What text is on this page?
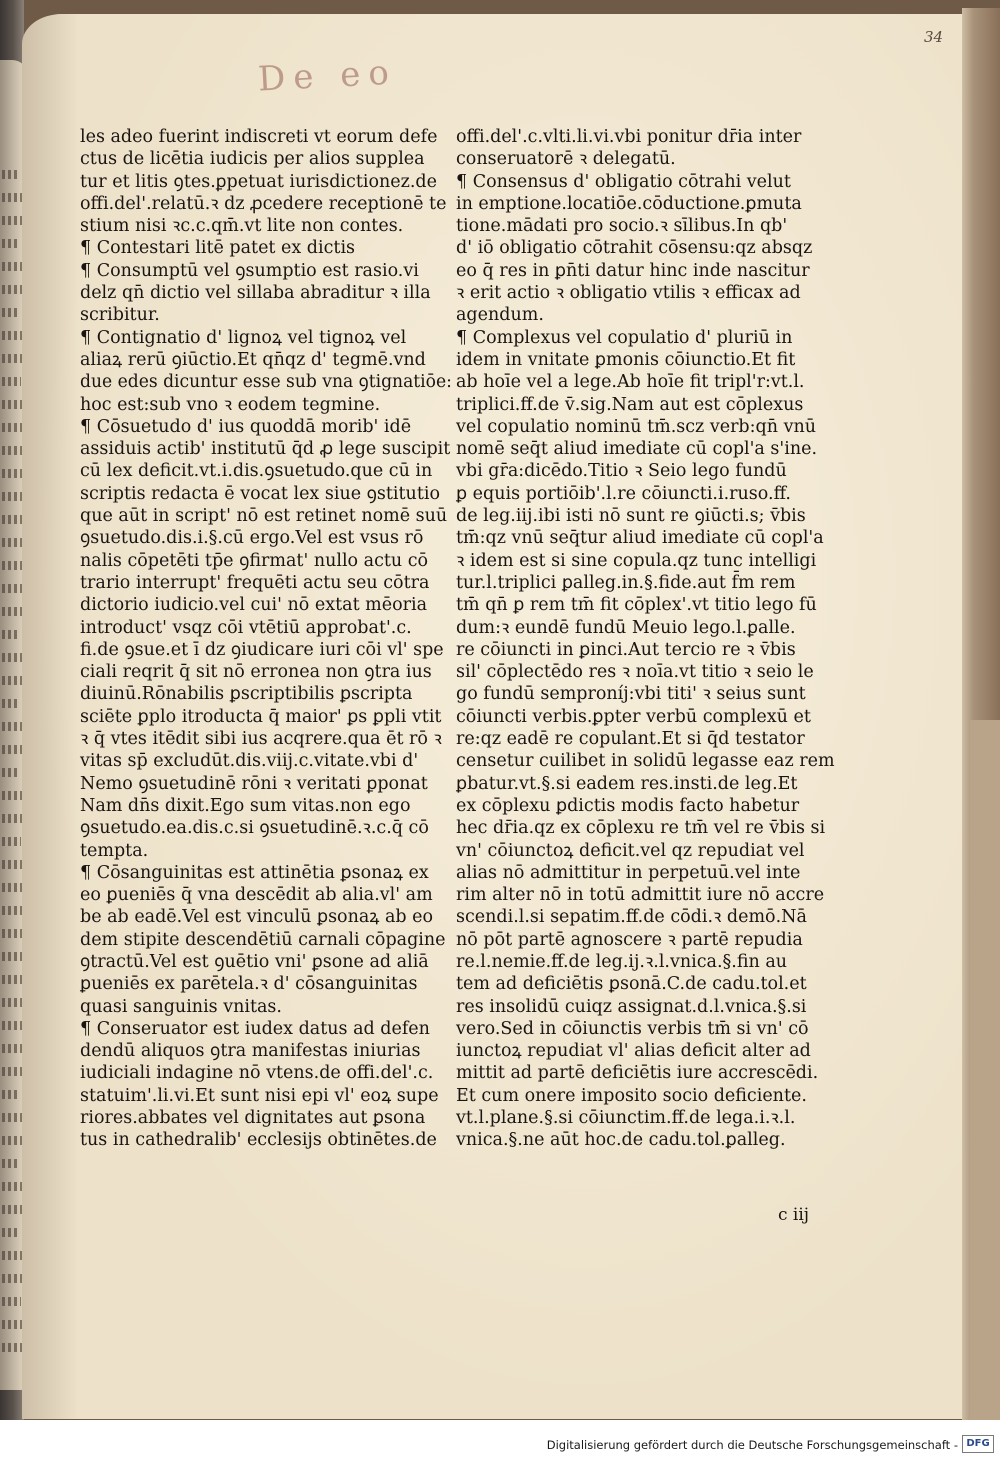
34
De eo
les adeo fuerint indiscreti vt eorum defe
ctus de licētia iudicis per alios supplea
tur et litis ꝯtes.ꝑpetuat iurisdictionez.de
offi.del'.relatū.ꝛ dz ꝓcedere receptionē te
stium nisi ꝛc.c.qm̄.vt lite non contes.
¶ Contestari litē patet ex dictis
¶ Consumptū vel ꝯsumptio est rasio.vi
delz qn̄ dictio vel sillaba abraditur ꝛ illa
scribitur.
¶ Contignatio d' lignoꝝ vel tignoꝝ vel
aliaꝝ rerū ꝯiūctio.Et qn̄qz d' tegmē.vnd
due edes dicuntur esse sub vna ꝯtignatiōe:
hoc est:sub vno ꝛ eodem tegmine.
¶ Cōsuetudo d' ius quoddā morib' idē
assiduis actib' institutū q̄d ꝓ lege suscipit
cū lex deficit.vt.i.dis.ꝯsuetudo.que cū in
scriptis redacta ē vocat lex siue ꝯstitutio
que aūt in script' nō est retinet nomē suū
ꝯsuetudo.dis.i.§.cū ergo.Vel est vsus rō
nalis cōpetēti tp̄e ꝯfirmat' nullo actu cō
trario interrupt' frequēti actu seu cōtra
dictorio iudicio.vel cui' nō extat mēoria
introduct' vsqz cōi vtētiū approbat'.c.
fi.de ꝯsue.et ī dz ꝯiudicare iuri cōi vl' spe
ciali reqrit q̄ sit nō erronea non ꝯtra ius
diuinū.Rōnabilis ꝑscriptibilis ꝑscripta
sciēte ꝑplo itroducta q̄ maior' ꝑs ꝑpli vtit
ꝛ q̄ vtes itēdit sibi ius acqrere.qua ēt rō ꝛ
vitas sp̄ excludūt.dis.viij.c.vitate.vbi d'
Nemo ꝯsuetudinē rōni ꝛ veritati ꝑponat
Nam dn̄s dixit.Ego sum vitas.non ego
ꝯsuetudo.ea.dis.c.si ꝯsuetudinē.ꝛ.c.q̄ cō
tempta.
¶ Cōsanguinitas est attinētia ꝑsonaꝝ ex
eo ꝑueniēs q̄ vna descēdit ab alia.vl' am
be ab eadē.Vel est vinculū ꝑsonaꝝ ab eo
dem stipite descendētiū carnali cōpagine
ꝯtractū.Vel est ꝯuētio vni' ꝑsone ad aliā
ꝑueniēs ex parētela.ꝛ d' cōsanguinitas
quasi sanguinis vnitas.
¶ Conseruator est iudex datus ad defen
dendū aliquos ꝯtra manifestas iniurias
iudiciali indagine nō vtens.de offi.del'.c.
statuim'.li.vi.Et sunt nisi epi vl' eoꝝ supe
riores.abbates vel dignitates aut ꝑsona
tus in cathedralib' ecclesijs obtinētes.de
offi.del'.c.vlti.li.vi.vbi ponitur dr̄ia inter
conseruatorē ꝛ delegatū.
¶ Consensus d' obligatio cōtrahi velut
in emptione.locatiōe.cōductione.ꝑmuta
tione.mādati pro socio.ꝛ sīlibus.In qb'
d' iō obligatio cōtrahit cōsensu:qz absqz
eo q̄ res in ꝑn̄ti datur hinc inde nascitur
ꝛ erit actio ꝛ obligatio vtilis ꝛ efficax ad
agendum.
¶ Complexus vel copulatio d' pluriū in
idem in vnitate ꝑmonis cōiunctio.Et fit
ab hoīe vel a lege.Ab hoīe fit tripl'r:vt.l.
triplici.ff.de v̄.sig.Nam aut est cōplexus
vel copulatio nominū tm̄.scz verb:qn̄ vnū
nomē seq̄t aliud imediate cū copl'a s'ine.
vbi gr̄a:dicēdo.Titio ꝛ Seio lego fundū
ꝑ equis portiōib'.l.re cōiuncti.i.ruso.ff.
de leg.iij.ibi isti nō sunt re ꝯiūcti.s; v̄bis
tm̄:qz vnū seq̄tur aliud imediate cū copl'a
ꝛ idem est si sine copula.qz tunc intelligi
tur.l.triplici ꝑalleg.in.§.fide.aut f̄m rem
tm̄ qn̄ ꝑ rem tm̄ fit cōplex'.vt titio lego fū
dum:ꝛ eundē fundū Meuio lego.l.ꝑalle.
re cōiuncti in ꝑinci.Aut tercio re ꝛ v̄bis
sil' cōplectēdo res ꝛ noīa.vt titio ꝛ seio le
go fundū semproníj:vbi titi' ꝛ seius sunt
cōiuncti verbis.ꝑpter verbū complexū et
re:qz eadē re copulant.Et si q̄d testator
censetur cuilibet in solidū legasse eaz rem
ꝑbatur.vt.§.si eadem res.insti.de leg.Et
ex cōplexu ꝑdictis modis facto habetur
hec dr̄ia.qz ex cōplexu re tm̄ vel re v̄bis si
vn' cōiunctoꝝ deficit.vel qz repudiat vel
alias nō admittitur in perpetuū.vel inte
rim alter nō in totū admittit iure nō accre
scendi.l.si sepatim.ff.de cōdi.ꝛ demō.Nā
nō pōt partē agnoscere ꝛ partē repudia
re.l.nemie.ff.de leg.ij.ꝛ.l.vnica.§.fin au
tem ad deficiētis ꝑsonā.C.de cadu.tol.et
res insolidū cuiqz assignat.d.l.vnica.§.si
vero.Sed in cōiunctis verbis tm̄ si vn' cō
iunctoꝝ repudiat vl' alias deficit alter ad
mittit ad partē deficiētis iure accrescēdi.
Et cum onere imposito socio deficiente.
vt.l.plane.§.si cōiunctim.ff.de lega.i.ꝛ.l.
vnica.§.ne aūt hoc.de cadu.tol.ꝑalleg.
c iij
Digitalisierung gefördert durch die Deutsche Forschungsgemeinschaft - DFG
